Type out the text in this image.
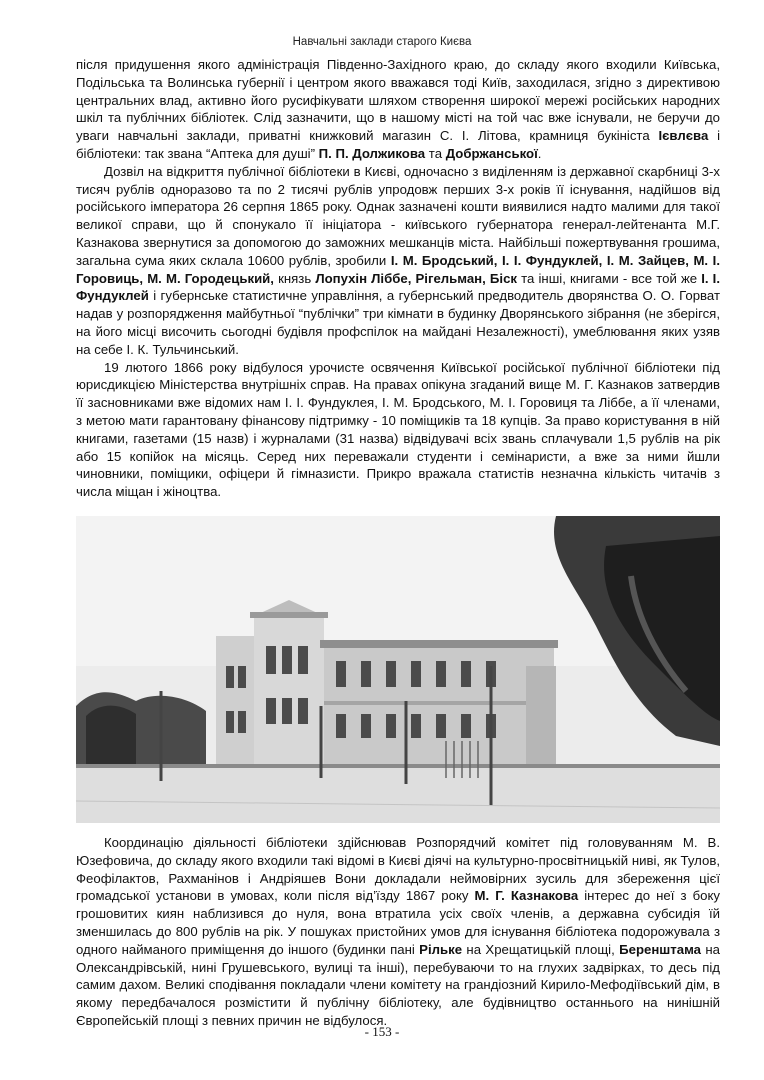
Навчальні заклади старого Києва

після придушення якого адміністрація Південно-Західного краю, до складу якого входили Київська, Подільська та Волинська губернії і центром якого вважався тоді Київ, заходилася, згідно з директивою центральних влад, активно його русифікувати шляхом створення широкої мережі російських народних шкіл та публічних бібліотек. Слід зазначити, що в нашому місті на той час вже існували, не беручи до уваги навчальні заклади, приватні книжковий магазин С. І. Літова, крамниця букініста Ієвлєва і бібліотеки: так звана “Аптека для душі” П. П. Должикова та Добржанської.

Дозвіл на відкриття публічної бібліотеки в Києві, одночасно з виділенням із державної скарбниці 3-х тисяч рублів одноразово та по 2 тисячі рублів упродовж перших 3-х років її існування, надійшов від російського імператора 26 серпня 1865 року. Однак зазначені кошти виявилися надто малими для такої великої справи, що й спонукало її ініціатора - київського губернатора генерал-лейтенанта М.Г. Казнакова звернутися за допомогою до заможних мешканців міста. Найбільші пожертвування грошима, загальна сума яких склала 10600 рублів, зробили І. М. Бродський, І. І. Фундуклей, І. М. Зайцев, М. І. Горовиць, М. М. Городецький, князь Лопухін Ліббе, Рігельман, Біск та інші, книгами - все той же І. І. Фундуклей і губернське статистичне управління, а губернський предводитель дворянства О. О. Горват надав у розпорядження майбутньої “публічки” три кімнати в будинку Дворянського зібрання (не зберігся, на його місці височить сьогодні будівля профспілок на майдані Незалежності), умеблювання яких узяв на себе І. К. Тульчинський.

19 лютого 1866 року відбулося урочисте освячення Київської російської публічної бібліотеки під юрисдикцією Міністерства внутрішніх справ. На правах опікуна згаданий вище М. Г. Казнаков затвердив її засновниками вже відомих нам І. І. Фундуклея, І. М. Бродського, М. І. Горовиця та Ліббе, а її членами, з метою мати гарантовану фінансову підтримку - 10 поміщиків та 18 купців. За право користування в ній книгами, газетами (15 назв) і журналами (31 назва) відвідувачі всіх звань сплачували 1,5 рублів на рік або 15 копійок на місяць. Серед них переважали студенти і семінаристи, а вже за ними йшли чиновники, поміщики, офіцери й гімназисти. Прикро вражала статистів незначна кількість читачів з числа міщан і жіноцтва.

Координацію діяльності бібліотеки здійснював Розпорядчий комітет під головуванням М. В. Юзефовича, до складу якого входили такі відомі в Києві діячі на культурно-просвітницькій ниві, як Тулов, Феофілактов, Рахманінов і Андріяшев Вони докладали неймовірних зусиль для збереження цієї громадської установи в умовах, коли після від’їзду 1867 року М. Г. Казнакова інтерес до неї з боку грошовитих киян наблизився до нуля, вона втратила усіх своїх членів, а державна субсидія їй зменшилась до 800 рублів на рік. У пошуках пристойних умов для існування бібліотека подорожувала з одного найманого приміщення до іншого (будинки пані Рільке на Хрещатицькій площі, Беренштама на Олександрівській, нині Грушевського, вулиці та інші), перебуваючи то на глухих задвірках, то десь під самим дахом. Великі сподівання покладали члени комітету на грандіозний Кирило-Мефодіївський дім, в якому передбачалося розмістити й публічну бібліотеку, але будівництво останнього на нинішній Європейській площі з певних причин не відбулося.

- 153 -
